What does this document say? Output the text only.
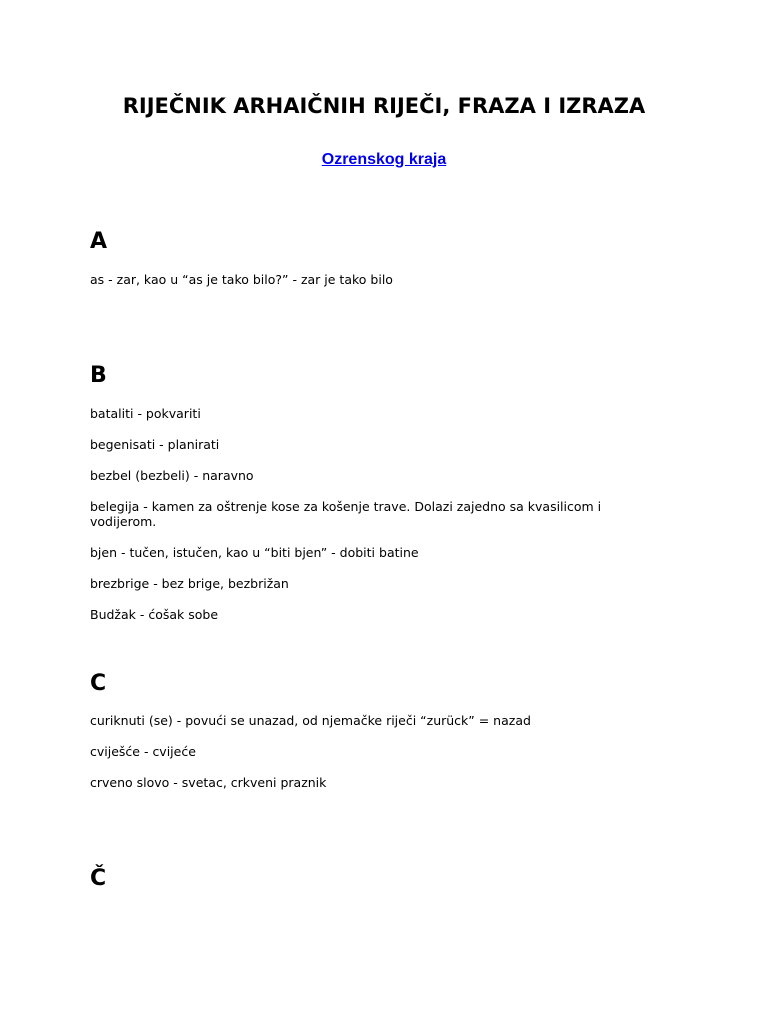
RIJEČNIK ARHAIČNIH RIJEČI, FRAZA I IZRAZA
Ozrenskog kraja
A

as - zar, kao u “as je tako bilo?” - zar je tako bilo

B

bataliti - pokvariti

begenisati - planirati

bezbel (bezbeli) - naravno

belegija - kamen za oštrenje kose za košenje trave. Dolazi zajedno sa kvasilicom i vodijerom.

bjen - tučen, istučen, kao u “biti bjen” - dobiti batine

brezbrige - bez brige, bezbrižan

Budžak - ćošak sobe

C

curiknuti (se) - povući se unazad, od njemačke riječi “zurück” = nazad

cviješće - cvijeće

crveno slovo - svetac, crkveni praznik

Č
